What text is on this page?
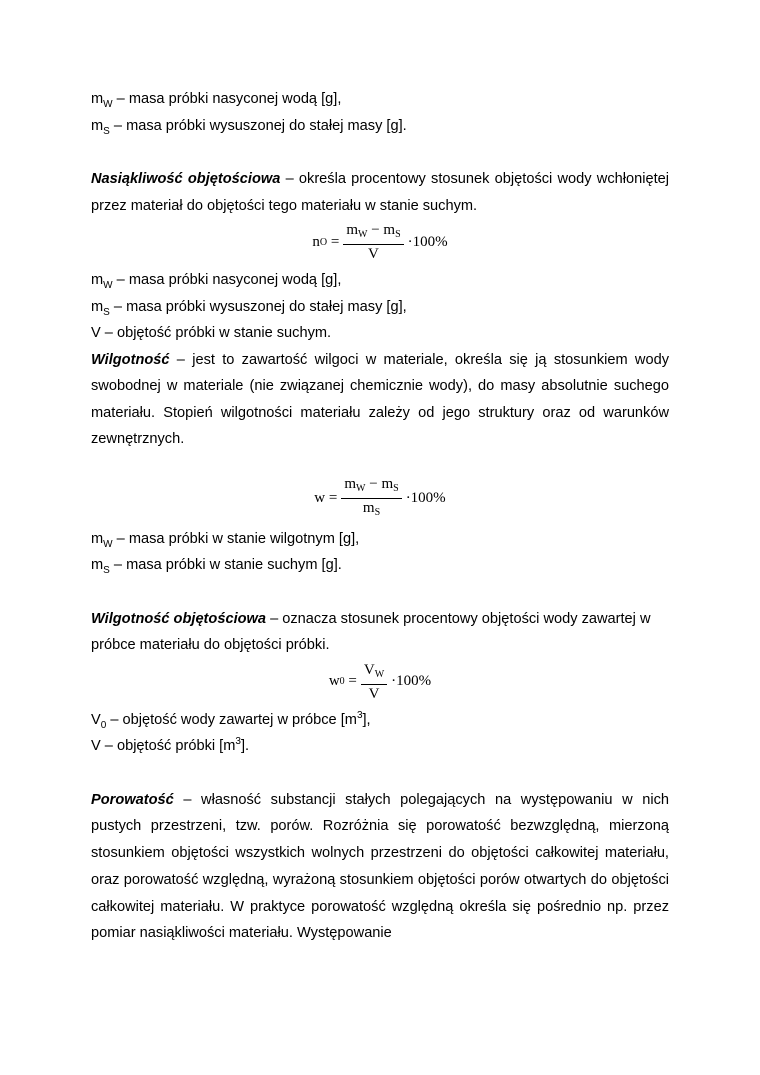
$m_W$ – masa próbki nasyconej wodą [g],

$m_S$ – masa próbki wysuszonej do stałej masy [g].

Nasiąkliwość objętościowa – określa procentowy stosunek objętości wody wchłoniętej przez materiał do objętości tego materiału w stanie suchym.

n O
= $\frac{m_W - m_S}{V} \cdot 100\%$

$m_W$ – masa próbki nasyconej wodą [g],

$m_S$ – masa próbki wysuszonej do stałej masy [g],

V – objętość próbki w stanie suchym.

Wilgotność – jest to zawartość wilgoci w materiale, określa się ją stosunkiem wody swobodnej w materiale (nie związanej chemicznie wody), do masy absolutnie suchego materiału. Stopień wilgotności materiału zależy od jego struktury oraz od warunków zewnętrznych.

w
= $\frac{m_W - m_S}{m_S} \cdot 100\%$

$m_W$ – masa próbki w stanie wilgotnym [g],

$m_S$ – masa próbki w stanie suchym [g].

Wilgotność objętościowa – oznacza stosunek procentowy objętości wody zawartej w próbce materiału do objętości próbki.

w 0
= $\frac{V_W}{V} \cdot 100\%$

$V_0$ – objętość wody zawartej w próbce $[m^3]$,

V – objętość próbki $[m^3]$.

Porowatość – własność substancji stałych polegających na występowaniu w nich pustych przestrzeni, tzw. porów. Rozróżnia się porowatość bezwzględną, mierzoną stosunkiem objętości wszystkich wolnych przestrzeni do objętości całkowitej materiału, oraz porowatość względną, wyrażoną stosunkiem objętości porów otwartych do objętości całkowitej materiału. W praktyce porowatość względną określa się pośrednio np. przez pomiar nasiąkliwości materiału. Występowanie
